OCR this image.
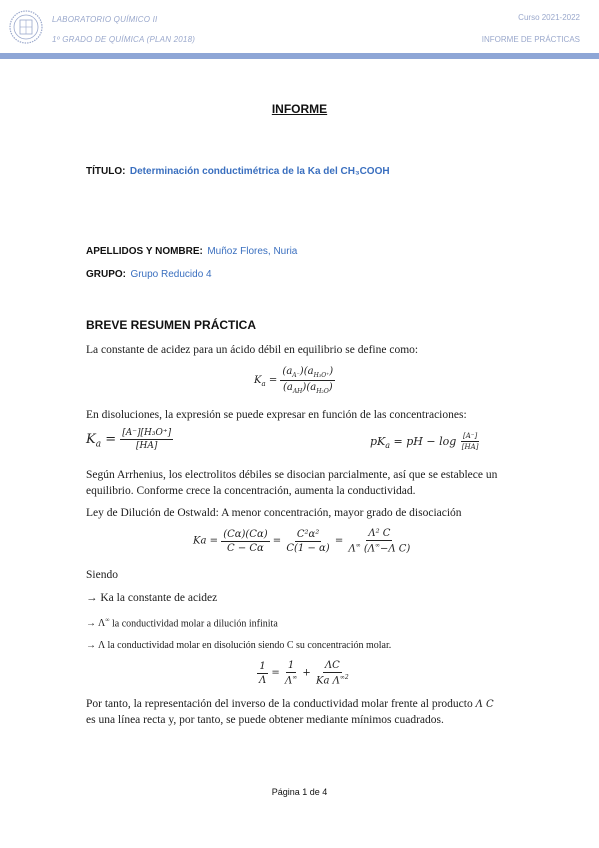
LABORATORIO QUÍMICO II
1º GRADO DE QUÍMICA (PLAN 2018)
Curso 2021-2022
INFORME DE PRÁCTICAS
INFORME
TÍTULO: Determinación conductimétrica de la Ka del CH₃COOH
APELLIDOS Y NOMBRE: Muñoz Flores, Nuria
GRUPO: Grupo Reducido 4
BREVE RESUMEN PRÁCTICA
La constante de acidez para un ácido débil en equilibrio se define como:
$K_a = \frac{(a_{A^-})(a_{H_3O^+})}{(a_{AH})(a_{H_2O})}$
En disoluciones, la expresión se puede expresar en función de las concentraciones:
$K_a = \frac{\text{[A⁻][H₃O⁺]}}{[HA]}$	$pK_a$ = pH − $\log \frac{[A^-]}{[HA]}$
Según Arrhenius, los electrolitos débiles se disocian parcialmente, así que se establece un
equilibrio. Conforme crece la concentración, aumenta la conductividad.
Ley de Dilución de Ostwald: A menor concentración, mayor grado de disociación
$Ka = \frac{(C\alpha)(C\alpha)}{C - C\alpha} = \frac{\text{C²α²}}{C(1 - \alpha)} = \frac{\text{Λ² C}}{\Lambda^\infty (\Lambda^\infty-\Lambda C)}$
Siendo
→ Ka la constante de acidez
→ Λ∞ la conductividad molar a dilución infinita
→ Λ la conductividad molar en disolución siendo C su concentración molar.
$\frac{1}{\Lambda} = \frac{1}{\Lambda^\infty} + \frac{\Lambda C}{Ka \Lambda^{\infty 2}}$
Por tanto, la representación del inverso de la conductividad molar frente al producto Λ C
es una línea recta y, por tanto, se puede obtener mediante mínimos cuadrados.
Página 1 de 4
